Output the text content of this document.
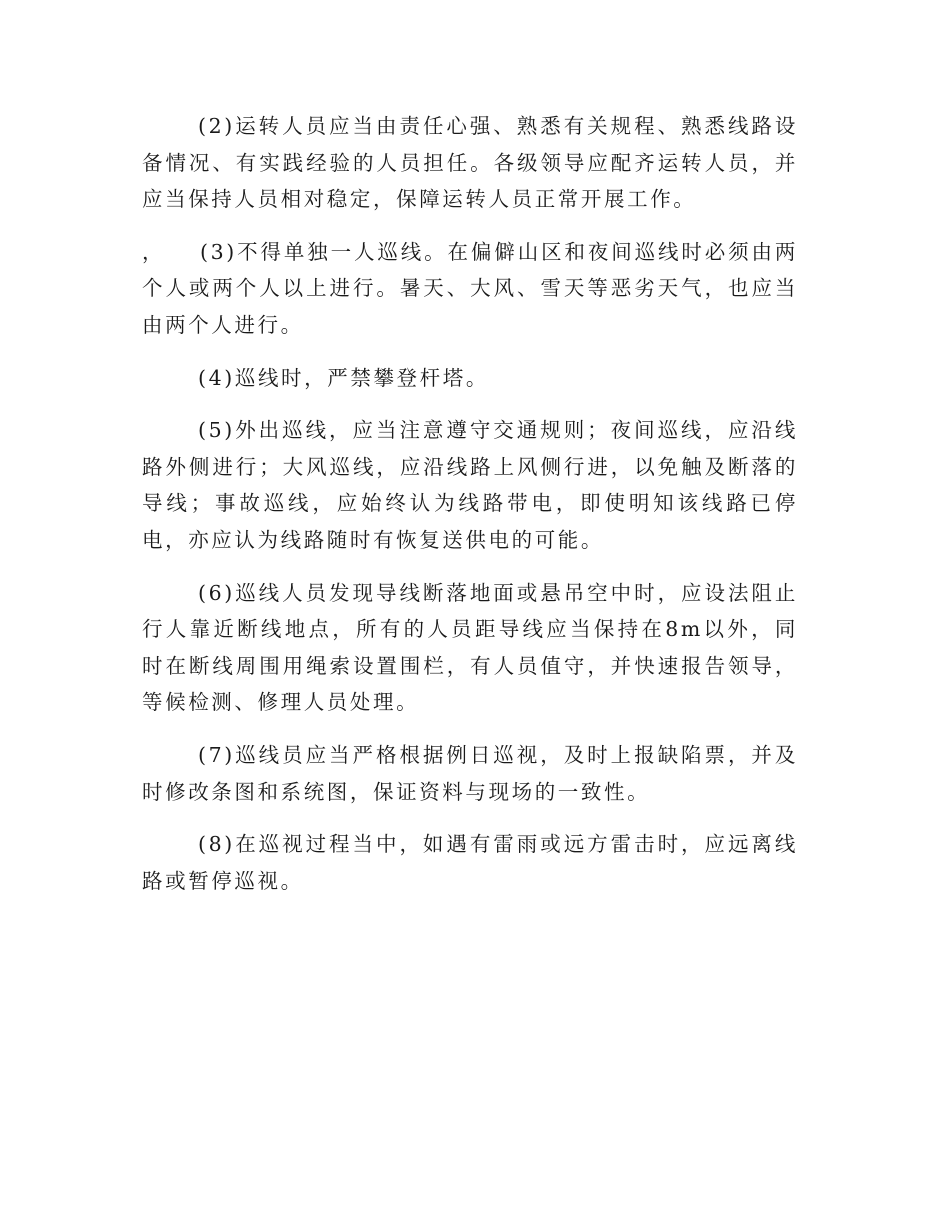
(2)运转人员应当由责任心强、熟悉有关规程、熟悉线路设备情况、有实践经验的人员担任。各级领导应配齐运转人员，并应当保持人员相对稳定，保障运转人员正常开展工作。

， (3)不得单独一人巡线。在偏僻山区和夜间巡线时必须由两个人或两个人以上进行。暑天、大风、雪天等恶劣天气，也应当由两个人进行。

(4)巡线时，严禁攀登杆塔。

(5)外出巡线，应当注意遵守交通规则；夜间巡线，应沿线路外侧进行；大风巡线，应沿线路上风侧行进，以免触及断落的导线；事故巡线，应始终认为线路带电，即使明知该线路已停电，亦应认为线路随时有恢复送供电的可能。

(6)巡线人员发现导线断落地面或悬吊空中时，应设法阻止行人靠近断线地点，所有的人员距导线应当保持在8m以外，同时在断线周围用绳索设置围栏，有人员值守，并快速报告领导，等候检测、修理人员处理。

(7)巡线员应当严格根据例日巡视，及时上报缺陷票，并及时修改条图和系统图，保证资料与现场的一致性。

(8)在巡视过程当中，如遇有雷雨或远方雷击时，应远离线路或暂停巡视。
